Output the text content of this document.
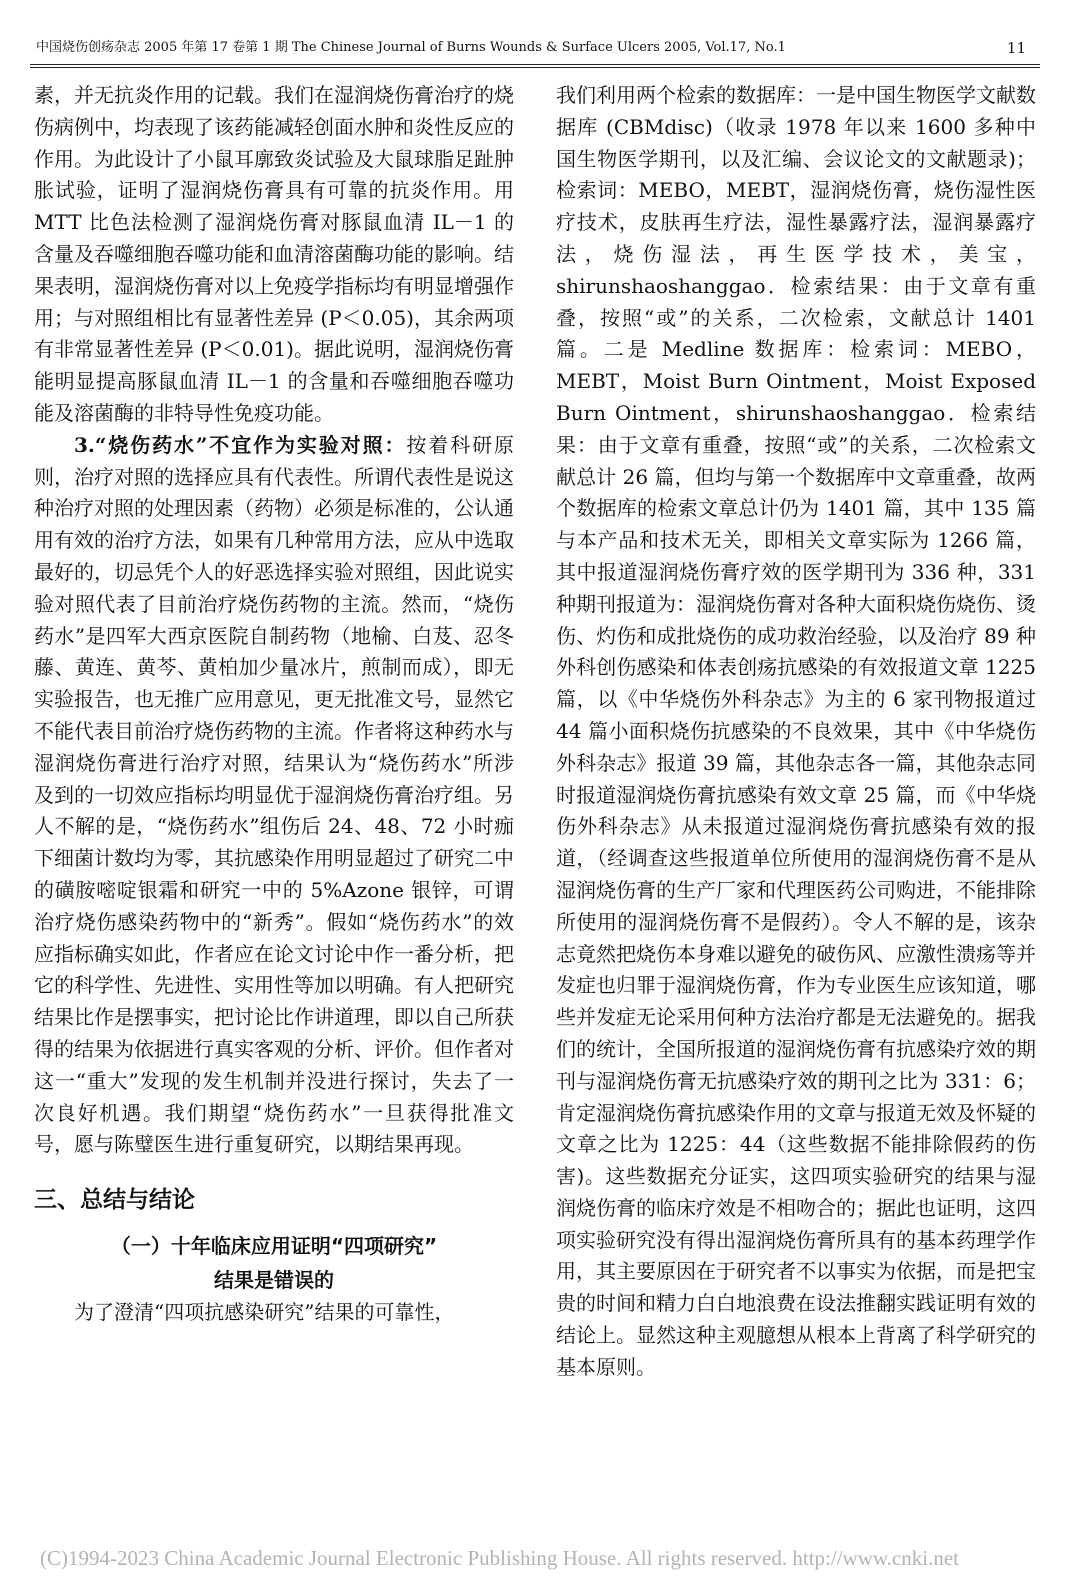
中国烧伤创疡杂志 2005 年第 17 卷第 1 期 The Chinese Journal of Burns Wounds & Surface Ulcers 2005, Vol.17, No.1	11

素，并无抗炎作用的记载。我们在湿润烧伤膏治疗的烧伤病例中，均表现了该药能减轻创面水肿和炎性反应的作用。为此设计了小鼠耳廓致炎试验及大鼠球脂足趾肿胀试验，证明了湿润烧伤膏具有可靠的抗炎作用。用 MTT 比色法检测了湿润烧伤膏对豚鼠血清 IL－1 的含量及吞噬细胞吞噬功能和血清溶菌酶功能的影响。结果表明，湿润烧伤膏对以上免疫学指标均有明显增强作用；与对照组相比有显著性差异 (P＜0.05)，其余两项有非常显著性差异 (P＜0.01)。据此说明，湿润烧伤膏能明显提高豚鼠血清 IL－1 的含量和吞噬细胞吞噬功能及溶菌酶的非特导性免疫功能。

3.“烧伤药水”不宜作为实验对照：按着科研原则，治疗对照的选择应具有代表性。所谓代表性是说这种治疗对照的处理因素（药物）必须是标准的，公认通用有效的治疗方法，如果有几种常用方法，应从中选取最好的，切忌凭个人的好恶选择实验对照组，因此说实验对照代表了目前治疗烧伤药物的主流。然而，“烧伤药水”是四军大西京医院自制药物（地榆、白芨、忍冬藤、黄连、黄芩、黄柏加少量冰片，煎制而成），即无实验报告，也无推广应用意见，更无批准文号，显然它不能代表目前治疗烧伤药物的主流。作者将这种药水与湿润烧伤膏进行治疗对照，结果认为“烧伤药水”所涉及到的一切效应指标均明显优于湿润烧伤膏治疗组。另人不解的是，“烧伤药水”组伤后 24、48、72 小时痂下细菌计数均为零，其抗感染作用明显超过了研究二中的磺胺嘧啶银霜和研究一中的 5%Azone 银锌，可谓治疗烧伤感染药物中的“新秀”。假如“烧伤药水”的效应指标确实如此，作者应在论文讨论中作一番分析，把它的科学性、先进性、实用性等加以明确。有人把研究结果比作是摆事实，把讨论比作讲道理，即以自己所获得的结果为依据进行真实客观的分析、评价。但作者对这一“重大”发现的发生机制并没进行探讨，失去了一次良好机遇。我们期望“烧伤药水”一旦获得批准文号，愿与陈璧医生进行重复研究，以期结果再现。

三、总结与结论

（一）十年临床应用证明“四项研究”

结果是错误的

为了澄清“四项抗感染研究”结果的可靠性，

我们利用两个检索的数据库：一是中国生物医学文献数据库 (CBMdisc)（收录 1978 年以来 1600 多种中国生物医学期刊，以及汇编、会议论文的文献题录)；检索词：MEBO，MEBT，湿润烧伤膏，烧伤湿性医疗技术，皮肤再生疗法，湿性暴露疗法，湿润暴露疗法，烧伤湿法，再生医学技术，美宝，shirunshaoshanggao．检索结果：由于文章有重叠，按照“或”的关系，二次检索，文献总计 1401 篇。二是 Medline 数据库：检索词：MEBO，MEBT，Moist Burn Ointment，Moist Exposed Burn Ointment，shirunshaoshanggao．检索结果：由于文章有重叠，按照“或”的关系，二次检索文献总计 26 篇，但均与第一个数据库中文章重叠，故两个数据库的检索文章总计仍为 1401 篇，其中 135 篇与本产品和技术无关，即相关文章实际为 1266 篇，其中报道湿润烧伤膏疗效的医学期刊为 336 种，331 种期刊报道为：湿润烧伤膏对各种大面积烧伤烧伤、烫伤、灼伤和成批烧伤的成功救治经验，以及治疗 89 种外科创伤感染和体表创疡抗感染的有效报道文章 1225 篇，以《中华烧伤外科杂志》为主的 6 家刊物报道过 44 篇小面积烧伤抗感染的不良效果，其中《中华烧伤外科杂志》报道 39 篇，其他杂志各一篇，其他杂志同时报道湿润烧伤膏抗感染有效文章 25 篇，而《中华烧伤外科杂志》从未报道过湿润烧伤膏抗感染有效的报道，（经调查这些报道单位所使用的湿润烧伤膏不是从湿润烧伤膏的生产厂家和代理医药公司购进，不能排除所使用的湿润烧伤膏不是假药）。令人不解的是，该杂志竟然把烧伤本身难以避免的破伤风、应激性溃疡等并发症也归罪于湿润烧伤膏，作为专业医生应该知道，哪些并发症无论采用何种方法治疗都是无法避免的。据我们的统计，全国所报道的湿润烧伤膏有抗感染疗效的期刊与湿润烧伤膏无抗感染疗效的期刊之比为 331：6；肯定湿润烧伤膏抗感染作用的文章与报道无效及怀疑的文章之比为 1225：44（这些数据不能排除假药的伤害)。这些数据充分证实，这四项实验研究的结果与湿润烧伤膏的临床疗效是不相吻合的；据此也证明，这四项实验研究没有得出湿润烧伤膏所具有的基本药理学作用，其主要原因在于研究者不以事实为依据，而是把宝贵的时间和精力白白地浪费在设法推翻实践证明有效的结论上。显然这种主观臆想从根本上背离了科学研究的基本原则。

(C)1994-2023 China Academic Journal Electronic Publishing House. All rights reserved. http://www.cnki.net
